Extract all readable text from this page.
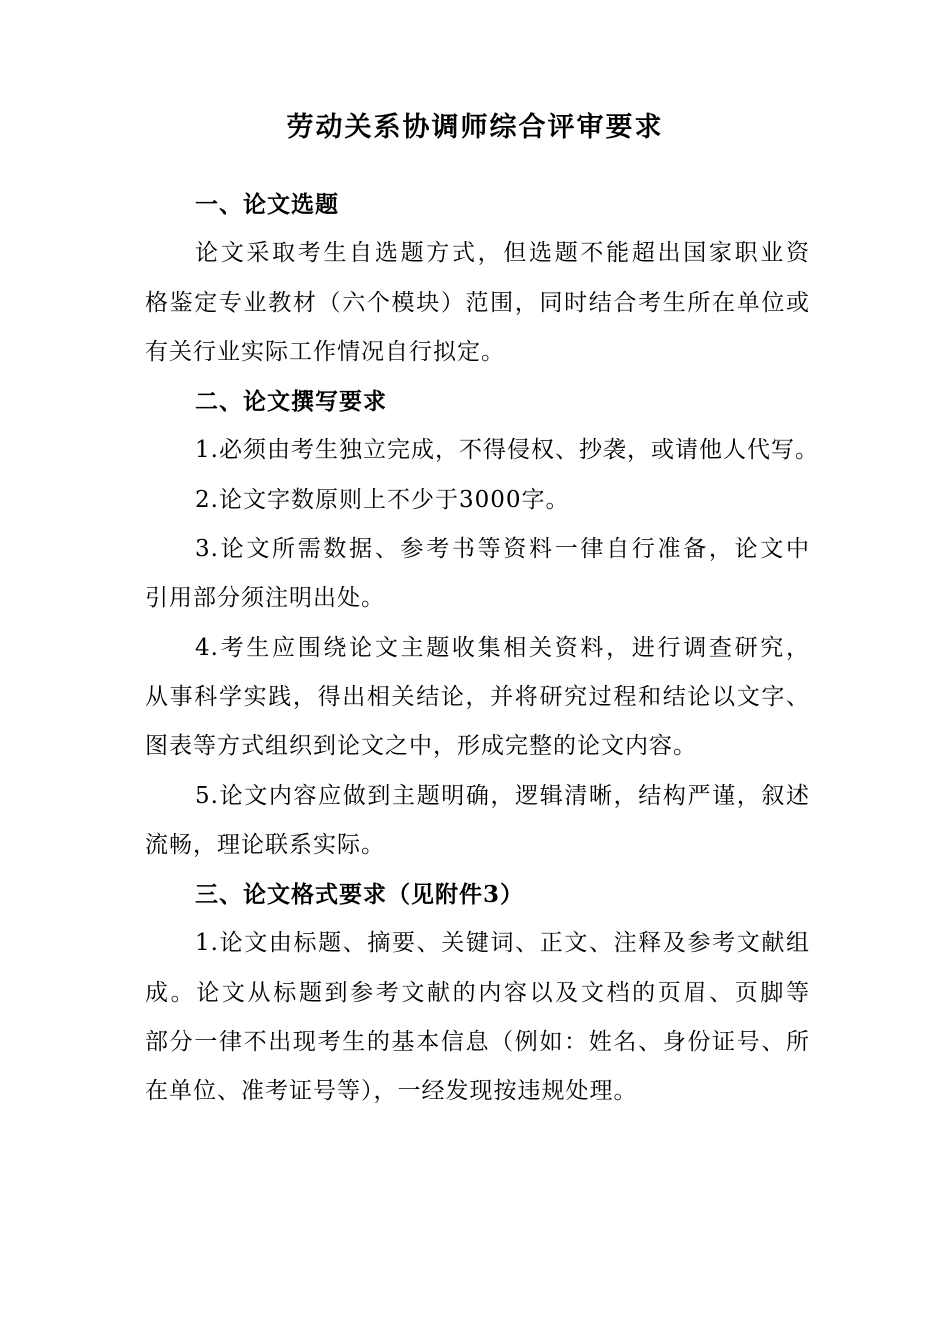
劳动关系协调师综合评审要求
一、论文选题
论文采取考生自选题方式，但选题不能超出国家职业资
格鉴定专业教材（六个模块）范围，同时结合考生所在单位或
有关行业实际工作情况自行拟定。
二、论文撰写要求
1.必须由考生独立完成，不得侵权、抄袭，或请他人代写。
2.论文字数原则上不少于3000字。
3.论文所需数据、参考书等资料一律自行准备，论文中
引用部分须注明出处。
4.考生应围绕论文主题收集相关资料，进行调查研究，
从事科学实践，得出相关结论，并将研究过程和结论以文字、
图表等方式组织到论文之中，形成完整的论文内容。
5.论文内容应做到主题明确，逻辑清晰，结构严谨，叙述
流畅，理论联系实际。
三、论文格式要求（见附件3）
1.论文由标题、摘要、关键词、正文、注释及参考文献组
成。论文从标题到参考文献的内容以及文档的页眉、页脚等
部分一律不出现考生的基本信息（例如：姓名、身份证号、所
在单位、准考证号等），一经发现按违规处理。
